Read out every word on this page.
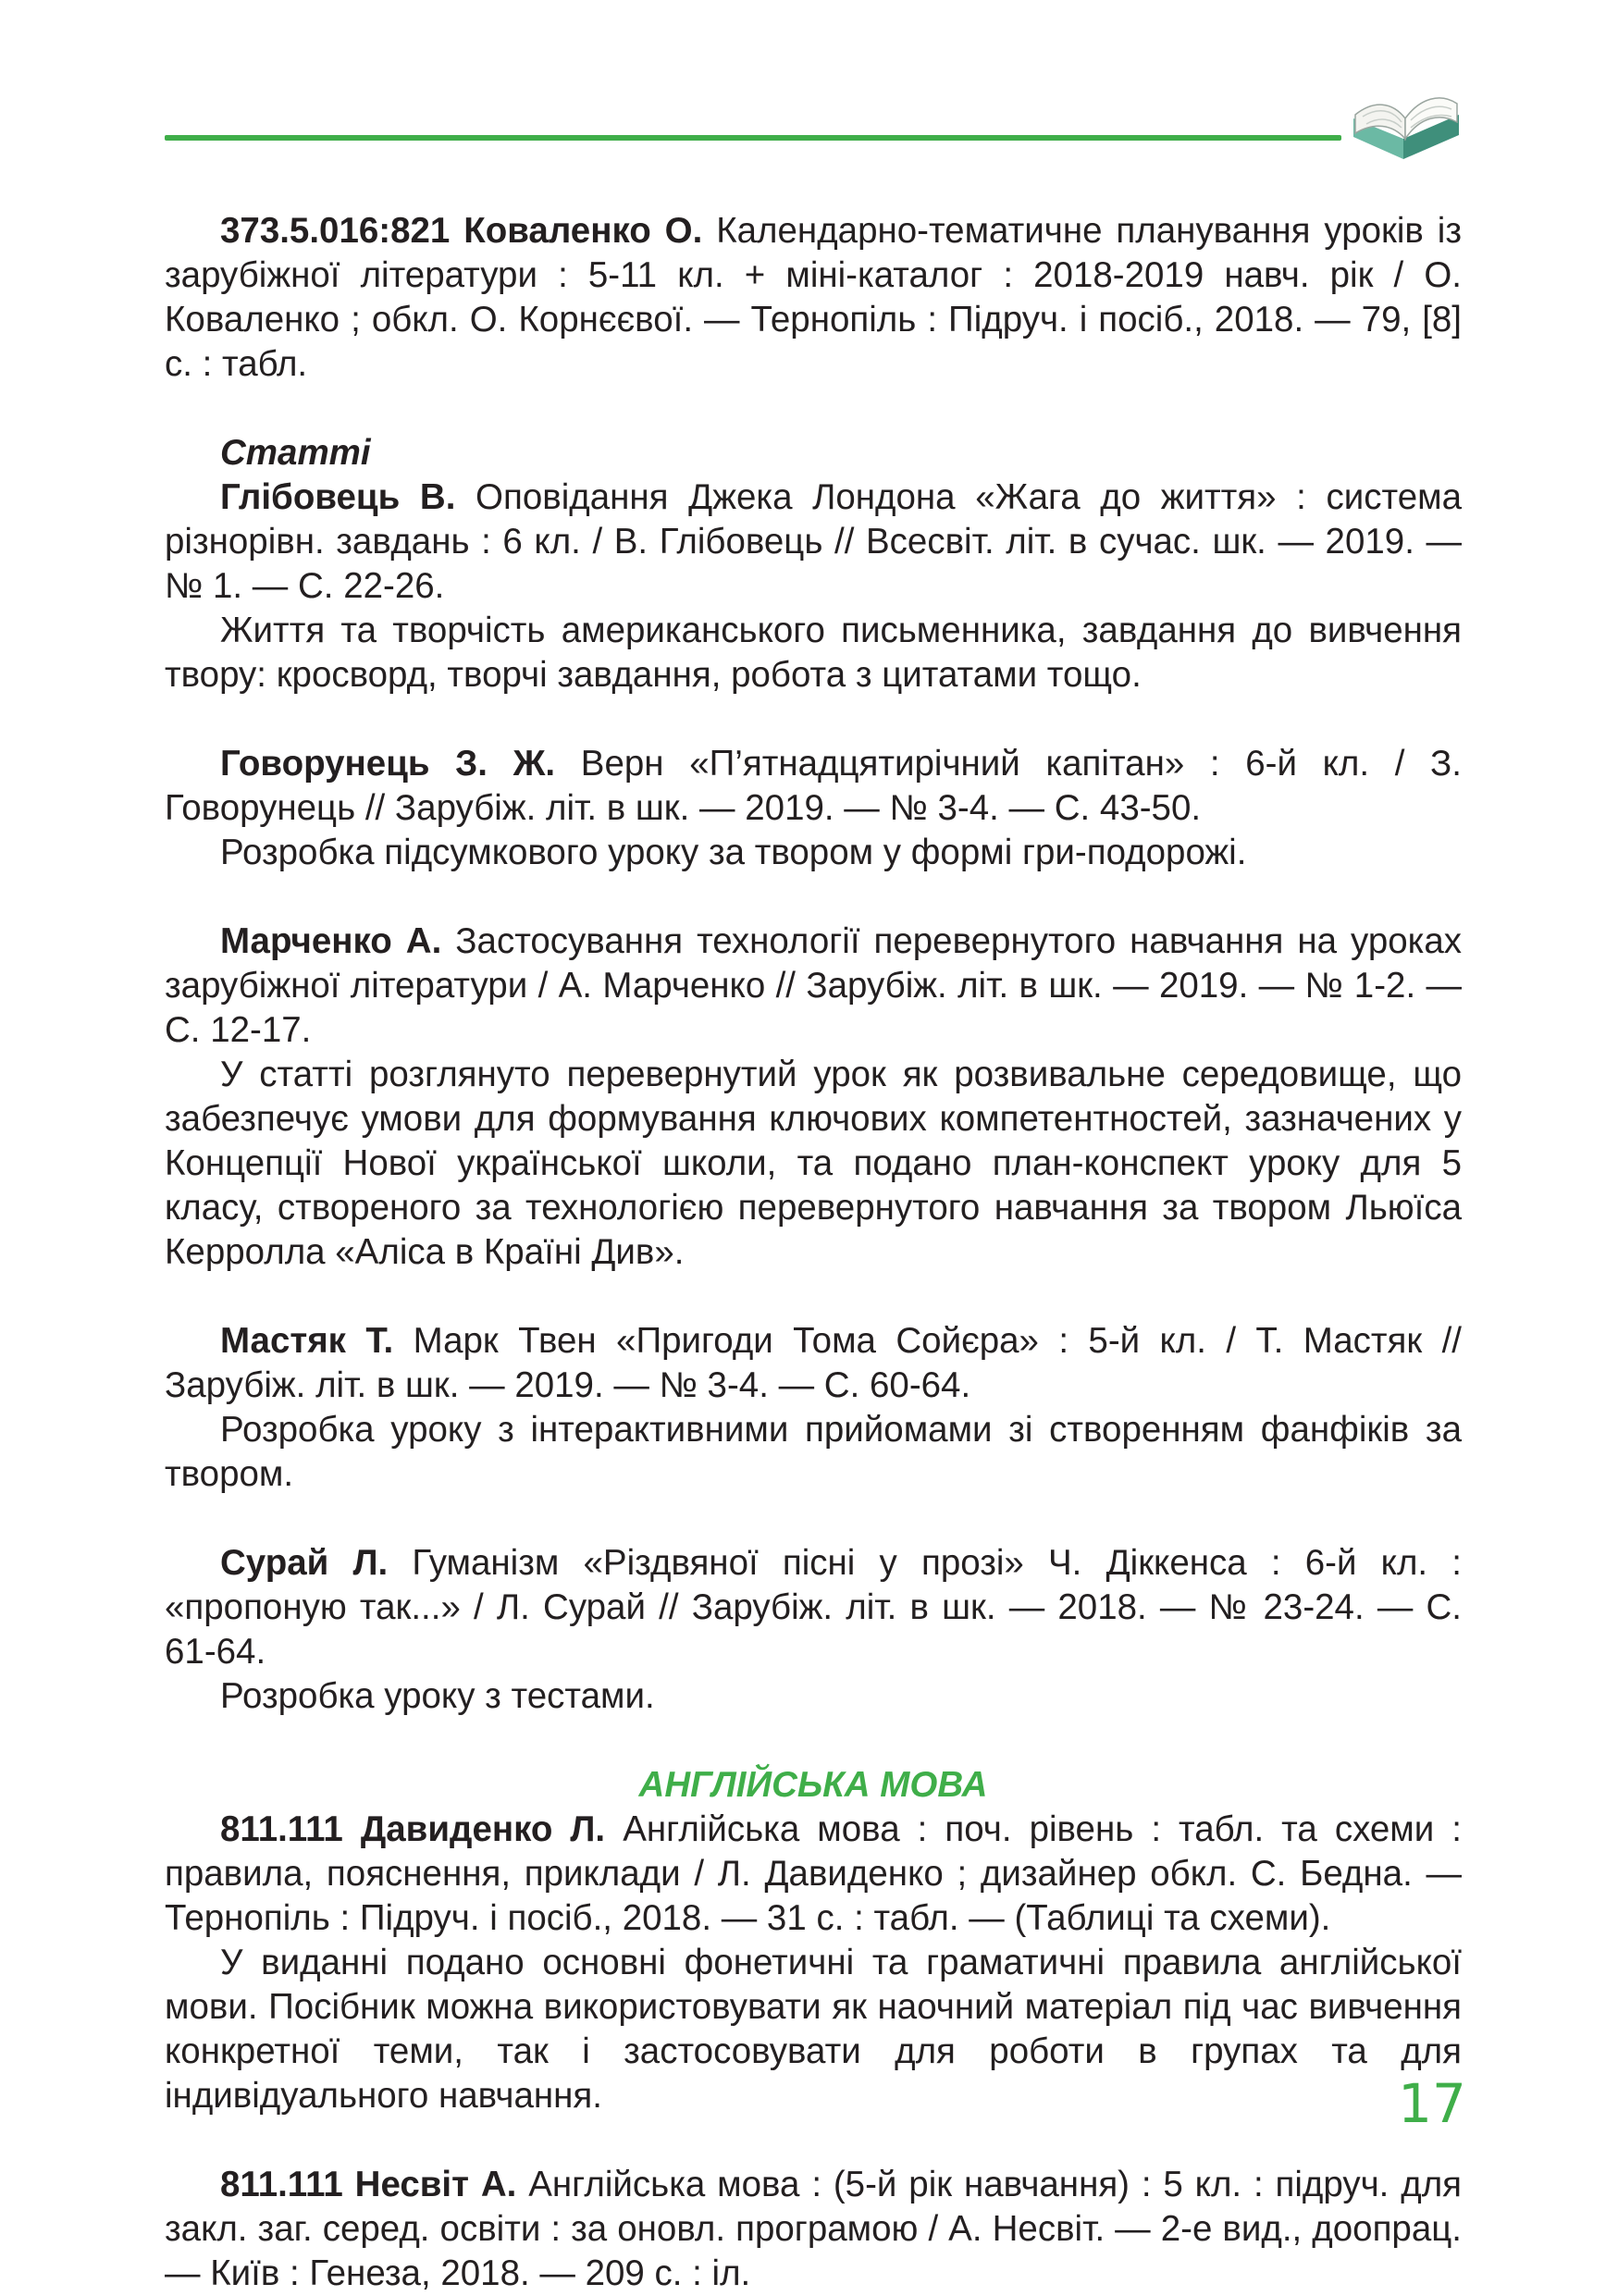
373.5.016:821 Коваленко О. Календарно-тематичне планування уроків із зарубіжної літератури : 5-11 кл. + міні-каталог : 2018-2019 навч. рік / О. Коваленко ; обкл. О. Корнєєвої. — Тернопіль : Підруч. і посіб., 2018. — 79, [8] с. : табл.

Статті

Глібовець В. Оповідання Джека Лондона «Жага до життя» : система різнорівн. завдань : 6 кл. / В. Глібовець // Всесвіт. літ. в сучас. шк. — 2019. — № 1. — С. 22-26.

Життя та творчість американського письменника, завдання до вивчення твору: кросворд, творчі завдання, робота з цитатами тощо.

Говорунець З. Ж. Верн «П’ятнадцятирічний капітан» : 6-й кл. / З. Говорунець // Зарубіж. літ. в шк. — 2019. — № 3-4. — С. 43-50.

Розробка підсумкового уроку за твором у формі гри-подорожі.

Марченко А. Застосування технології перевернутого навчання на уроках зарубіжної літератури / А. Марченко // Зарубіж. літ. в шк. — 2019. — № 1-2. — С. 12-17.

У статті розглянуто перевернутий урок як розвивальне середовище, що забезпечує умови для формування ключових компетентностей, зазначених у Концепції Нової української школи, та подано план-конспект уроку для 5 класу, створеного за технологією перевернутого навчання за твором Льюїса Керролла «Аліса в Країні Див».

Мастяк Т. Марк Твен «Пригоди Тома Сойєра» : 5-й кл. / Т. Мастяк // Зарубіж. літ. в шк. — 2019. — № 3-4. — С. 60-64.

Розробка уроку з інтерактивними прийомами зі створенням фанфіків за твором.

Сурай Л. Гуманізм «Різдвяної пісні у прозі» Ч. Діккенса : 6-й кл. : «пропоную так...» / Л. Сурай // Зарубіж. літ. в шк. — 2018. — № 23-24. — С. 61-64.

Розробка уроку з тестами.

АНГЛІЙСЬКА МОВА

811.111 Давиденко Л. Англійська мова : поч. рівень : табл. та схеми : правила, пояснення, приклади / Л. Давиденко ; дизайнер обкл. С. Бедна. — Тернопіль : Підруч. і посіб., 2018. — 31 с. : табл. — (Таблиці та схеми).

У виданні подано основні фонетичні та граматичні правила англійської мови. Посібник можна використовувати як наочний матеріал під час вивчення конкретної теми, так і застосовувати для роботи в групах та для індивідуального навчання.

811.111 Несвіт А. Англійська мова : (5-й рік навчання) : 5 кл. : підруч. для закл. заг. серед. освіти : за оновл. програмою / А. Несвіт. — 2-е вид., доопрац. — Київ : Генеза, 2018. — 209 с. : іл.

17
